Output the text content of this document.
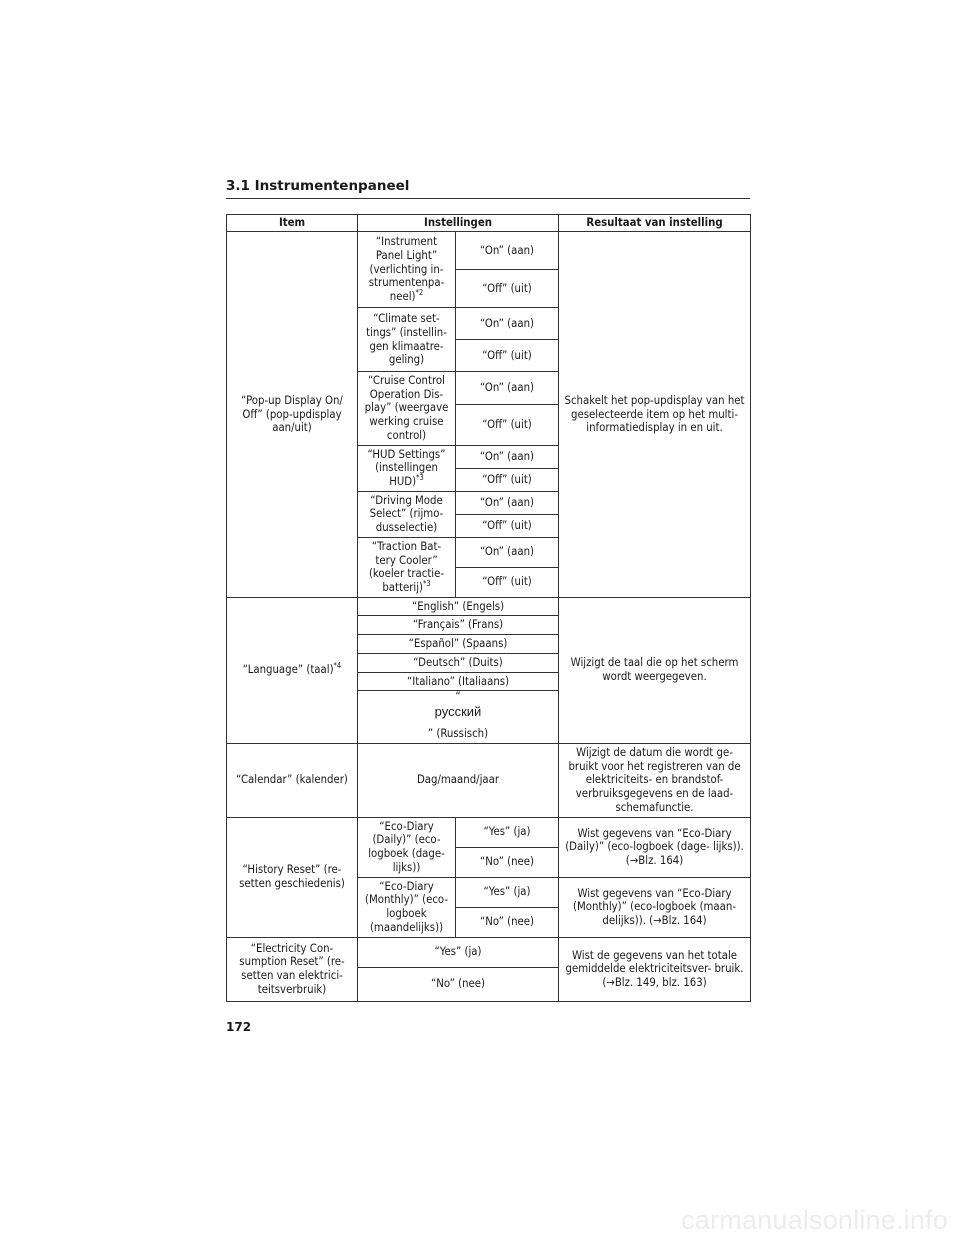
3.1 Instrumentenpaneel
Item	Instellingen		Resultaat van instelling
“Pop-up Display On/ Off” (pop-updisplay aan/uit)	“Instrument Panel Light” (verlichting in- strumentenpa- neel)$^{*2}$	“On” (aan)	Schakelt het pop-updisplay van het geselecteerde item op het multi-informatiedisplay in en uit.
		“Off” (uit)	
	“Climate set- tings” (instellin- gen klimaatre- geling)	“On” (aan)	
		“Off” (uit)	
	“Cruise Control Operation Dis- play” (weergave werking cruise control)	“On” (aan)	
		“Off” (uit)	
	“HUD Settings” (instellingen HUD)$^{*3}$	“On” (aan)	
		“Off” (uit)	
	“Driving Mode Select” (rijmo- dusselectie)	“On” (aan)	
		“Off” (uit)	
	“Traction Bat- tery Cooler” (koeler tractie- batterij)$^{*3}$	“On” (aan)	
		“Off” (uit)	
“Language” (taal)$^{*4}$	“English” (Engels)		Wijzigt de taal die op het scherm wordt weergegeven.
	“Français” (Frans)		
	“Español” (Spaans)		
	“Deutsch” (Duits)		
	“Italiano” (Italiaans)		

	“
русский
” (Russisch)		
“Calendar” (kalender)	Dag/maand/jaar		Wijzigt de datum die wordt ge- bruikt voor het registreren van de elektriciteits- en brandstof- verbruiksgegevens en de laad- schemafunctie.
“History Reset” (re- setten geschiedenis)	“Eco-Diary (Daily)” (eco- logboek (dage- lijks))	“Yes” (ja)	Wist gegevens van “Eco-Diary (Daily)” (eco-logboek (dage- lijks)). (→Blz. 164)
		“No” (nee)	
	“Eco-Diary (Monthly)” (eco-logboek (maandelijks))	“Yes” (ja)	Wist gegevens van “Eco-Diary (Monthly)” (eco-logboek (maan- delijks)). (→Blz. 164)
		“No” (nee)	
“Electricity Con- sumption Reset” (re- setten van elektrici- teitsverbruik)	“Yes” (ja)		Wist de gegevens van het totale gemiddelde elektriciteitsver- bruik. (→Blz. 149, blz. 163)
	“No” (nee)		
172
carmanualsonline.info
